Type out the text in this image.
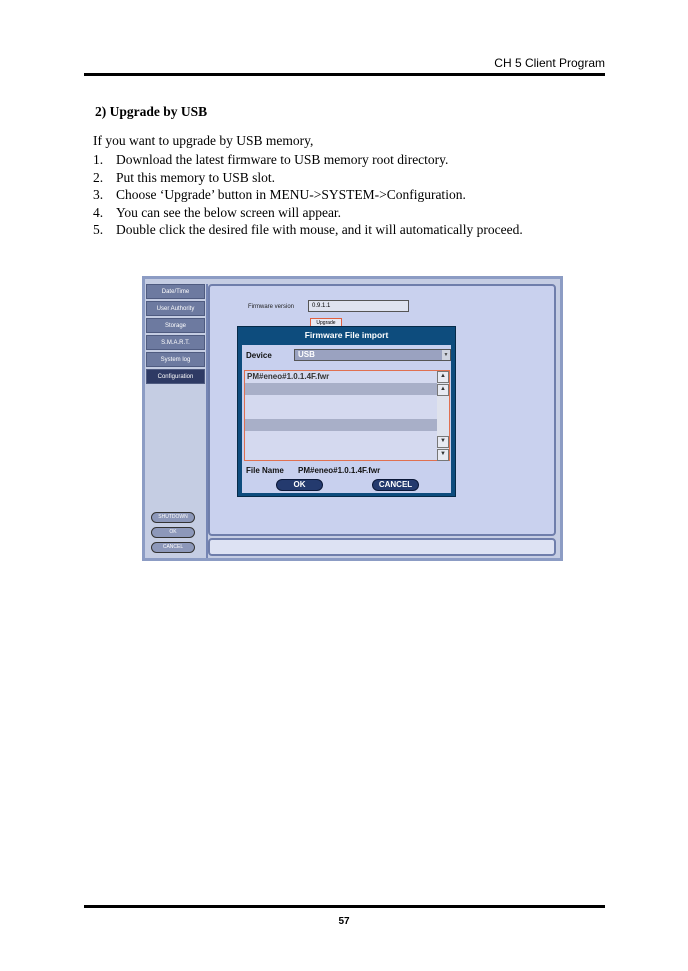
CH 5 Client Program
2) Upgrade by USB
If you want to upgrade by USB memory,
1. Download the latest firmware to USB memory root directory.
2. Put this memory to USB slot.
3. Choose ‘Upgrade’ button in MENU->SYSTEM->Configuration.
4. You can see the below screen will appear.
5. Double click the desired file with mouse, and it will automatically proceed.
Date/Time
User Authority
Storage
S.M.A.R.T.
System log
Configuration
Firmware version	0.9.1.1
Upgrade
SHUTDOWN
OK
CANCEL
Firmware File import
Device	USB	▼
PM#eneo#1.0.1.4F.fwr	▲
▲
▼
▼
File Name PM#eneo#1.0.1.4F.fwr
OK	CANCEL
57
